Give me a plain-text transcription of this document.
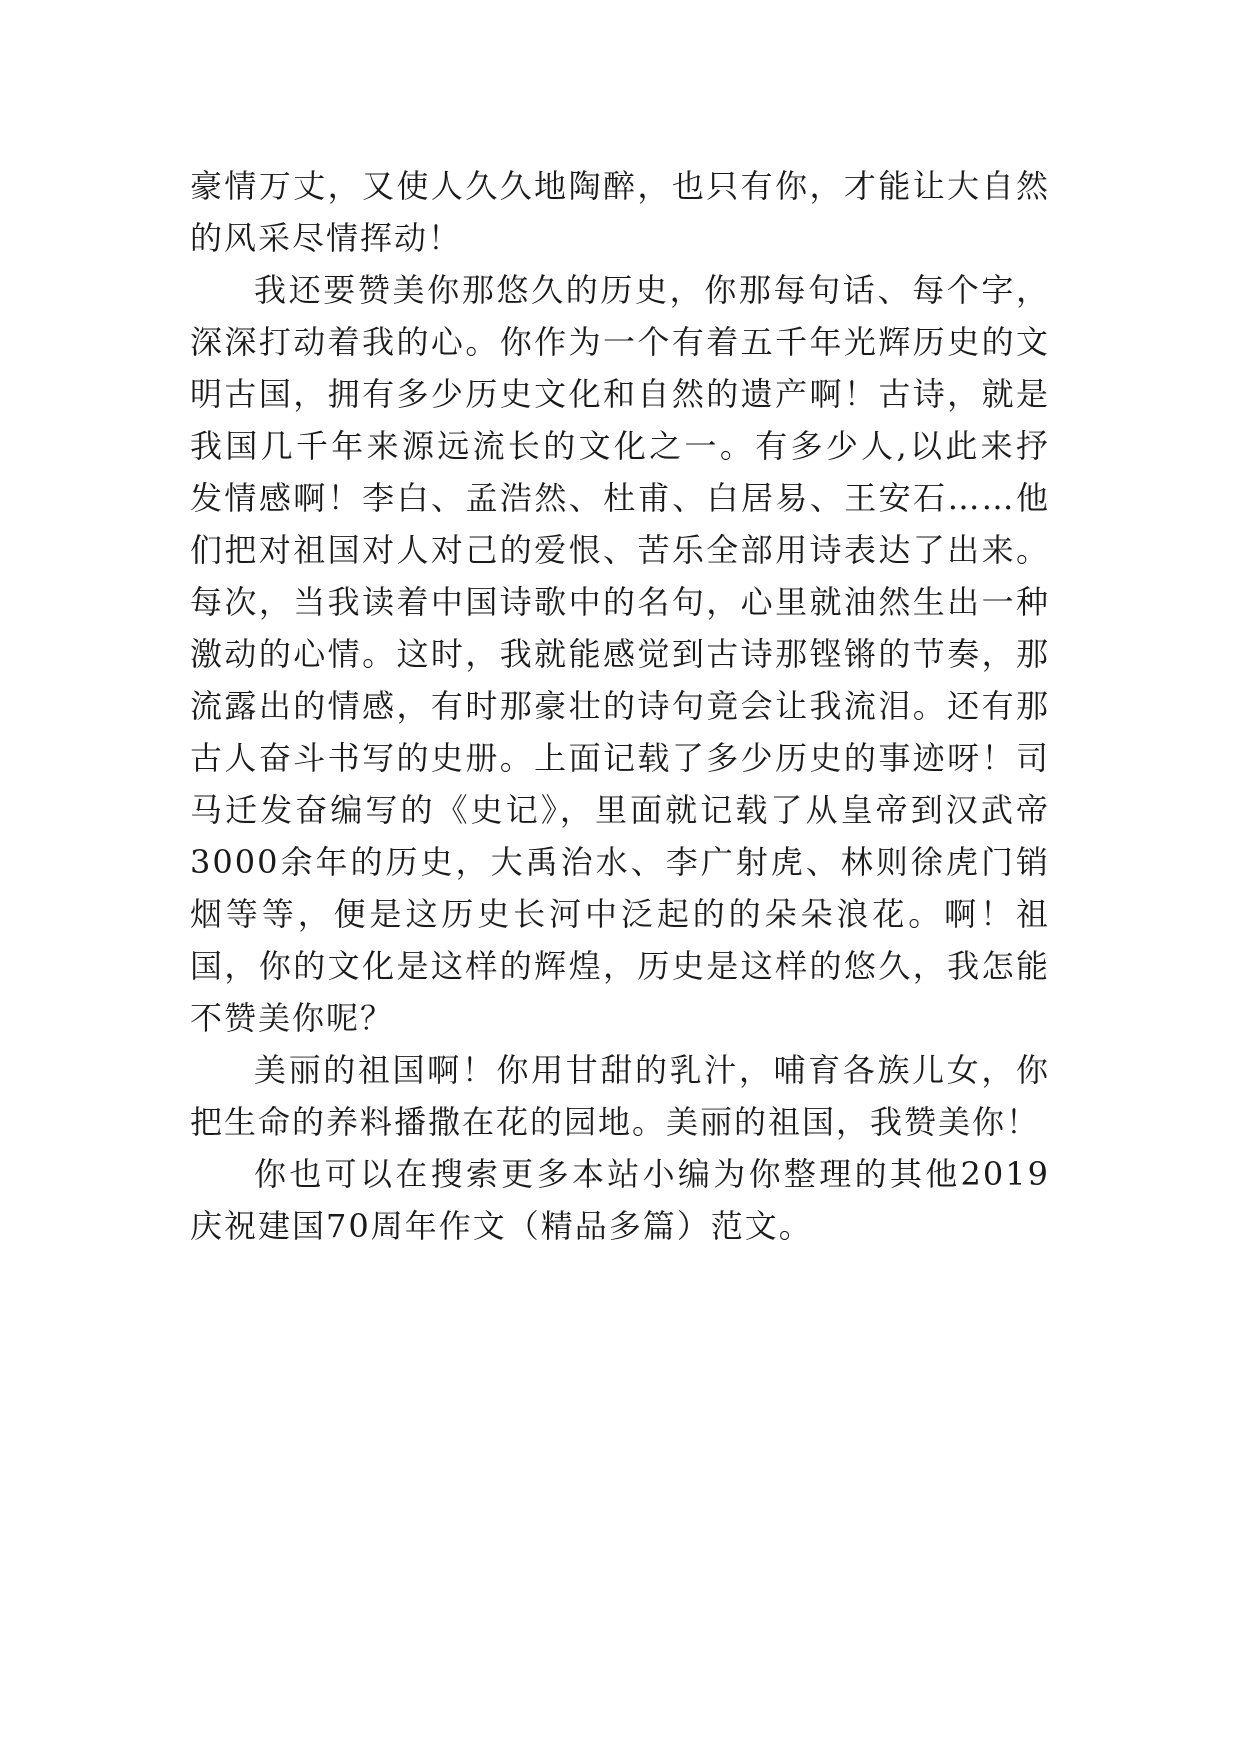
豪情万丈，又使人久久地陶醉，也只有你，才能让大自然的风采尽情挥动！

我还要赞美你那悠久的历史，你那每句话、每个字，深深打动着我的心。你作为一个有着五千年光辉历史的文明古国，拥有多少历史文化和自然的遗产啊！古诗，就是我国几千年来源远流长的文化之一。有多少人,以此来抒发情感啊！李白、孟浩然、杜甫、白居易、王安石……他们把对祖国对人对己的爱恨、苦乐全部用诗表达了出来。每次，当我读着中国诗歌中的名句，心里就油然生出一种激动的心情。这时，我就能感觉到古诗那铿锵的节奏，那流露出的情感，有时那豪壮的诗句竟会让我流泪。还有那古人奋斗书写的史册。上面记载了多少历史的事迹呀！司马迁发奋编写的《史记》，里面就记载了从皇帝到汉武帝3000余年的历史，大禹治水、李广射虎、林则徐虎门销烟等等，便是这历史长河中泛起的的朵朵浪花。啊！祖国，你的文化是这样的辉煌，历史是这样的悠久，我怎能不赞美你呢？

美丽的祖国啊！你用甘甜的乳汁，哺育各族儿女，你把生命的养料播撒在花的园地。美丽的祖国，我赞美你！

你也可以在搜索更多本站小编为你整理的其他2019庆祝建国70周年作文（精品多篇）范文。
